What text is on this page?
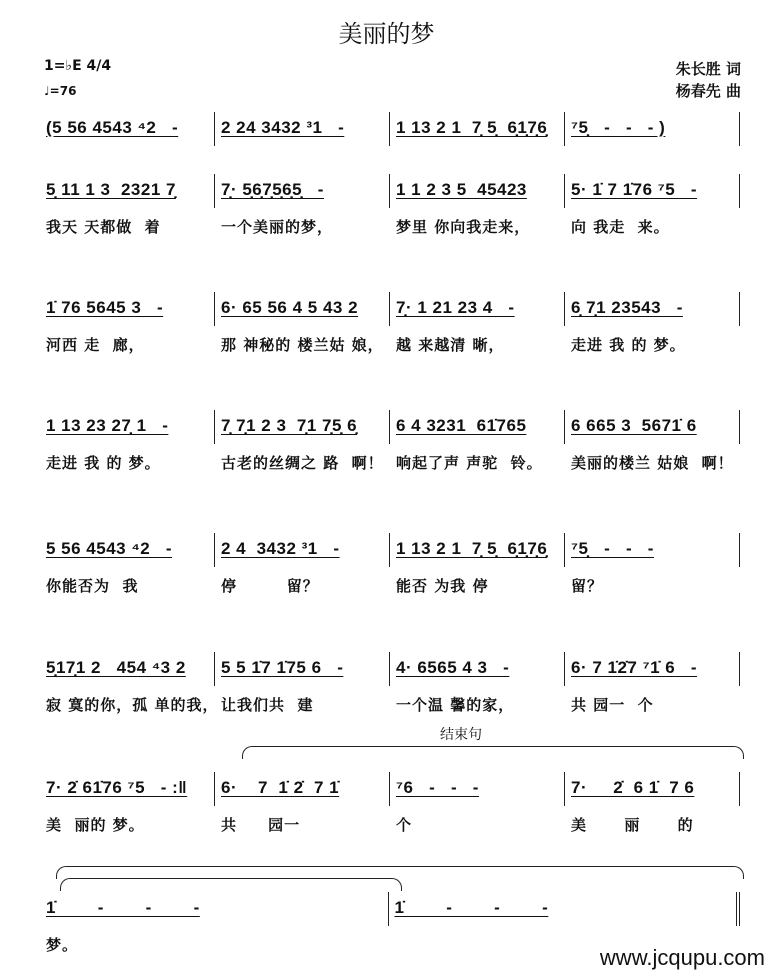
美丽的梦
1=♭E 4/4
♩=76
朱长胜 词
杨春先 曲
结束句
(5 56 4543 ⁴2   -	2 24 3432 ³1   -	1 13 2 1  7̣ 5̣  6̣1̣7̣6̣ ⁷5̣   -   -   - )
5̣ 11 1 3  2321 7̣
我天 天都做  着
7̣· 5̣6̣7̣5̣6̣5̣   -
一个美丽的梦，
1 1 2 3 5  45423
梦里 你向我走来，
5· 1̇ 7 1̇76 ⁷5   -
向 我走  来。
1̇ 76 5645 3   -
河西 走  廊，
6· 65 56 4 5 43 2
那 神秘的 楼兰姑 娘，
7̣· 1 21 23 4   -
越 来越清 晰，
6̣ 7̣1 23543   -
走进 我 的 梦。
1 13 23 27̣ 1   -
走进 我 的 梦。
7̣ 7̣1 2 3  7̣1 7̣5̣ 6̣
古老的丝绸之 路  啊！
6 4 3231  61̇765
响起了声 声驼  铃。
6 665 3  5671̇ 6
美丽的楼兰 姑娘  啊！
5 56 4543 ⁴2   -
你能否为  我
2 4  3432 ³1   -
停        留？
1 13 2 1  7̣ 5̣  6̣1̣7̣6̣
能否 为我 停
⁷5̣   -   -   -
留？
5̣17̣1 2   454 ⁴3 2
寂 寞的你，孤 单的我，
5 5 1̇7 1̇75 6   -
让我们共  建
4· 6565 4 3   -
一个温 馨的家，
6· 7 1̇2̇7 ⁷1̇ 6   -
共 园一  个
7· 2̇ 61̇76 ⁷5   - :‖
美  丽的 梦。
6·    7  1̇ 2̇  7 1̇
共     园一
⁷6   -   -   -
个
7·     2̇  6 1̇  7 6
美      丽      的
1̇        -        -        -
梦。
1̇        -        -        -
www.jcqupu.com
